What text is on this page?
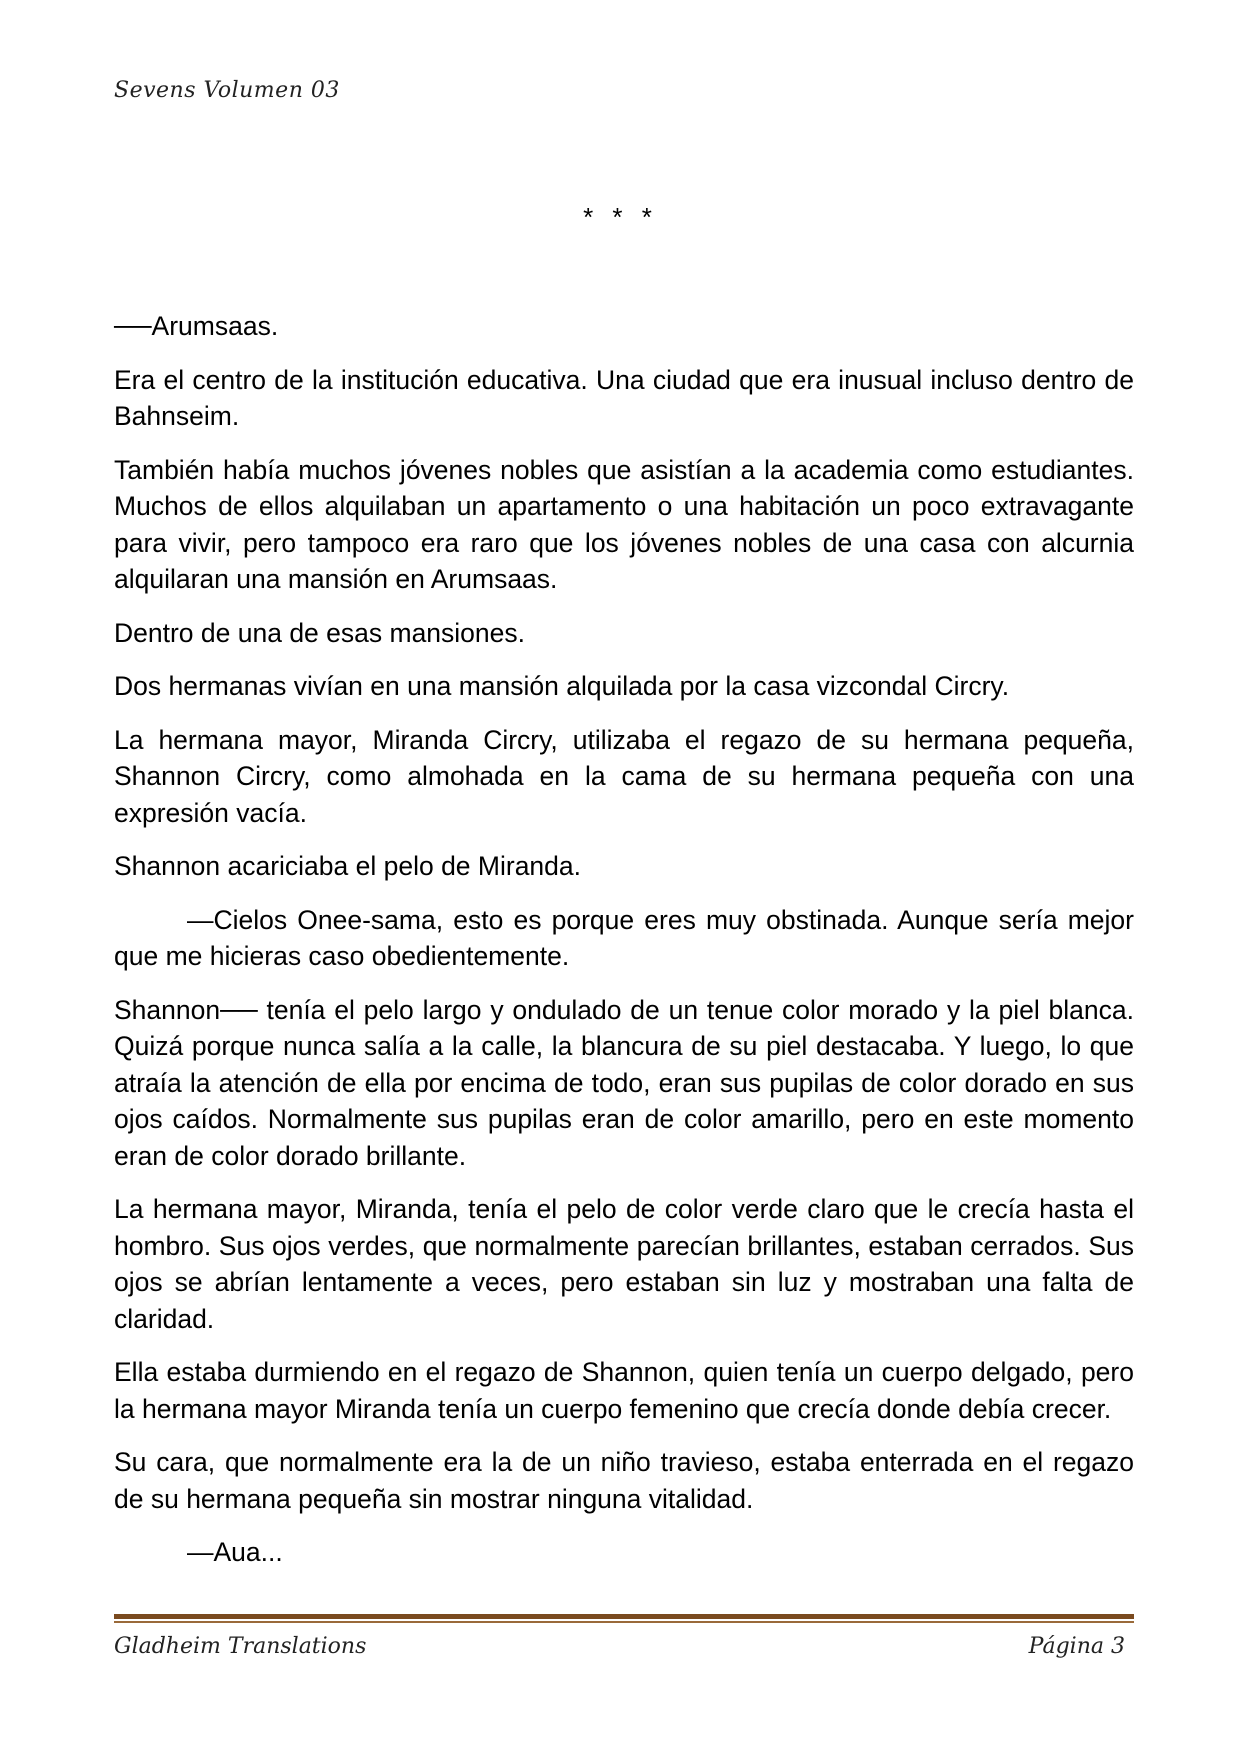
Sevens Volumen 03
* * *

──Arumsaas.

Era el centro de la institución educativa. Una ciudad que era inusual incluso dentro de Bahnseim.

También había muchos jóvenes nobles que asistían a la academia como estudiantes. Muchos de ellos alquilaban un apartamento o una habitación un poco extravagante para vivir, pero tampoco era raro que los jóvenes nobles de una casa con alcurnia alquilaran una mansión en Arumsaas.

Dentro de una de esas mansiones.

Dos hermanas vivían en una mansión alquilada por la casa vizcondal Circry.

La hermana mayor, Miranda Circry, utilizaba el regazo de su hermana pequeña, Shannon Circry, como almohada en la cama de su hermana pequeña con una expresión vacía.

Shannon acariciaba el pelo de Miranda.

—Cielos Onee-sama, esto es porque eres muy obstinada. Aunque sería mejor que me hicieras caso obedientemente.

Shannon── tenía el pelo largo y ondulado de un tenue color morado y la piel blanca. Quizá porque nunca salía a la calle, la blancura de su piel destacaba. Y luego, lo que atraía la atención de ella por encima de todo, eran sus pupilas de color dorado en sus ojos caídos. Normalmente sus pupilas eran de color amarillo, pero en este momento eran de color dorado brillante.

La hermana mayor, Miranda, tenía el pelo de color verde claro que le crecía hasta el hombro. Sus ojos verdes, que normalmente parecían brillantes, estaban cerrados. Sus ojos se abrían lentamente a veces, pero estaban sin luz y mostraban una falta de claridad.

Ella estaba durmiendo en el regazo de Shannon, quien tenía un cuerpo delgado, pero la hermana mayor Miranda tenía un cuerpo femenino que crecía donde debía crecer.

Su cara, que normalmente era la de un niño travieso, estaba enterrada en el regazo de su hermana pequeña sin mostrar ninguna vitalidad.

—Aua...

Gladheim Translations	Página 3
